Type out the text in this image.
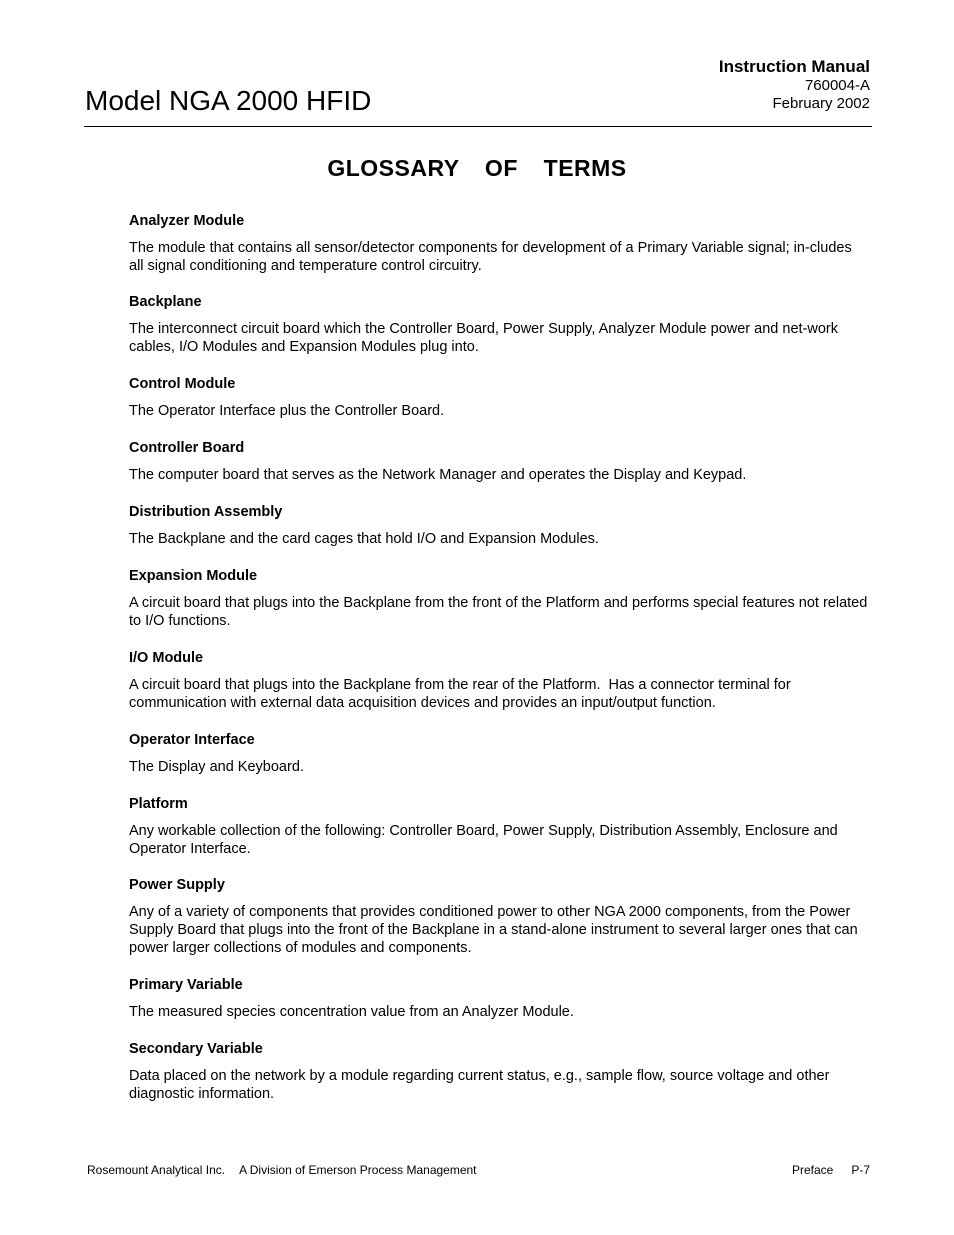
Model NGA 2000 HFID
Instruction Manual
760004-A
February 2002
GLOSSARY  OF  TERMS

Analyzer Module

The module that contains all sensor/detector components for development of a Primary Variable signal; in-cludes all signal conditioning and temperature control circuitry.

Backplane

The interconnect circuit board which the Controller Board, Power Supply, Analyzer Module power and net-work cables, I/O Modules and Expansion Modules plug into.

Control Module

The Operator Interface plus the Controller Board.

Controller Board

The computer board that serves as the Network Manager and operates the Display and Keypad.

Distribution Assembly

The Backplane and the card cages that hold I/O and Expansion Modules.

Expansion Module

A circuit board that plugs into the Backplane from the front of the Platform and performs special features not related to I/O functions.

I/O Module

A circuit board that plugs into the Backplane from the rear of the Platform.  Has a connector terminal for communication with external data acquisition devices and provides an input/output function.

Operator Interface

The Display and Keyboard.

Platform

Any workable collection of the following: Controller Board, Power Supply, Distribution Assembly, Enclosure and Operator Interface.

Power Supply

Any of a variety of components that provides conditioned power to other NGA 2000 components, from the Power Supply Board that plugs into the front of the Backplane in a stand-alone instrument to several larger ones that can power larger collections of modules and components.

Primary Variable

The measured species concentration value from an Analyzer Module.

Secondary Variable

Data placed on the network by a module regarding current status, e.g., sample flow, source voltage and other diagnostic information.

Rosemount Analytical Inc. A Division of Emerson Process Management	Preface P-7
